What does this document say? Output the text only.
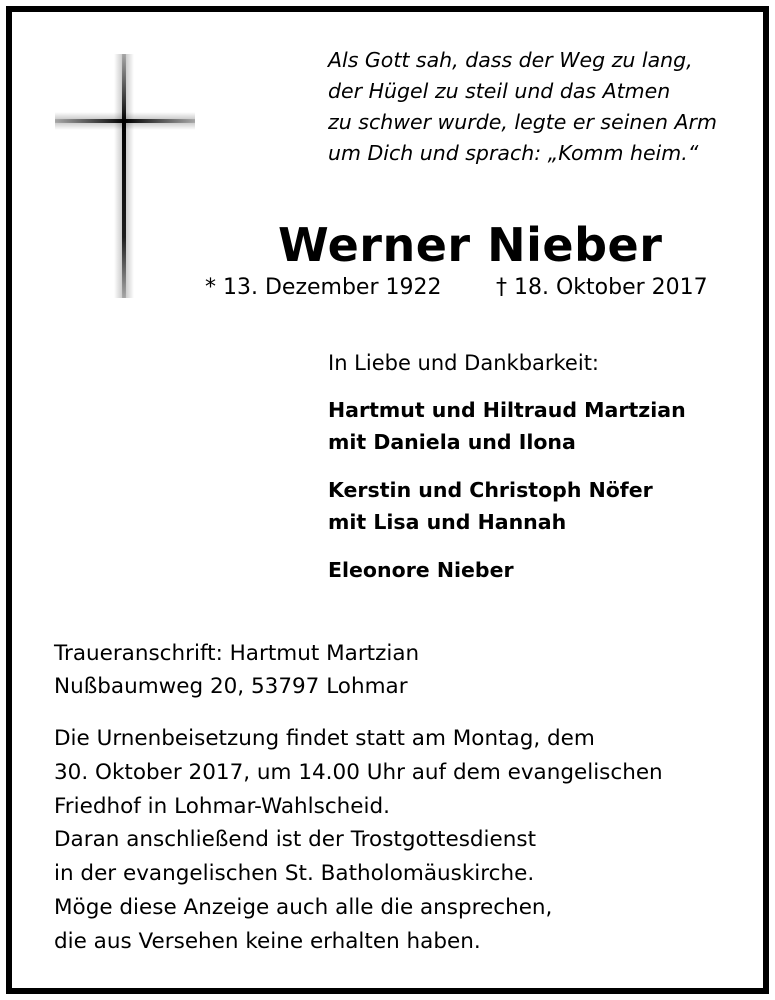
Als Gott sah, dass der Weg zu lang,

der Hügel zu steil und das Atmen

zu schwer wurde, legte er seinen Arm

um Dich und sprach: „Komm heim.“

Werner Nieber

* 13. Dezember 1922 † 18. Oktober 2017

In Liebe und Dankbarkeit:

Hartmut und Hiltraud Martzian

mit Daniela und Ilona

Kerstin und Christoph Nöfer

mit Lisa und Hannah

Eleonore Nieber

Traueranschrift: Hartmut Martzian

Nußbaumweg 20, 53797 Lohmar

Die Urnenbeisetzung findet statt am Montag, dem

30. Oktober 2017, um 14.00 Uhr auf dem evangelischen

Friedhof in Lohmar-Wahlscheid.

Daran anschließend ist der Trostgottesdienst

in der evangelischen St. Batholomäuskirche.

Möge diese Anzeige auch alle die ansprechen,

die aus Versehen keine erhalten haben.
